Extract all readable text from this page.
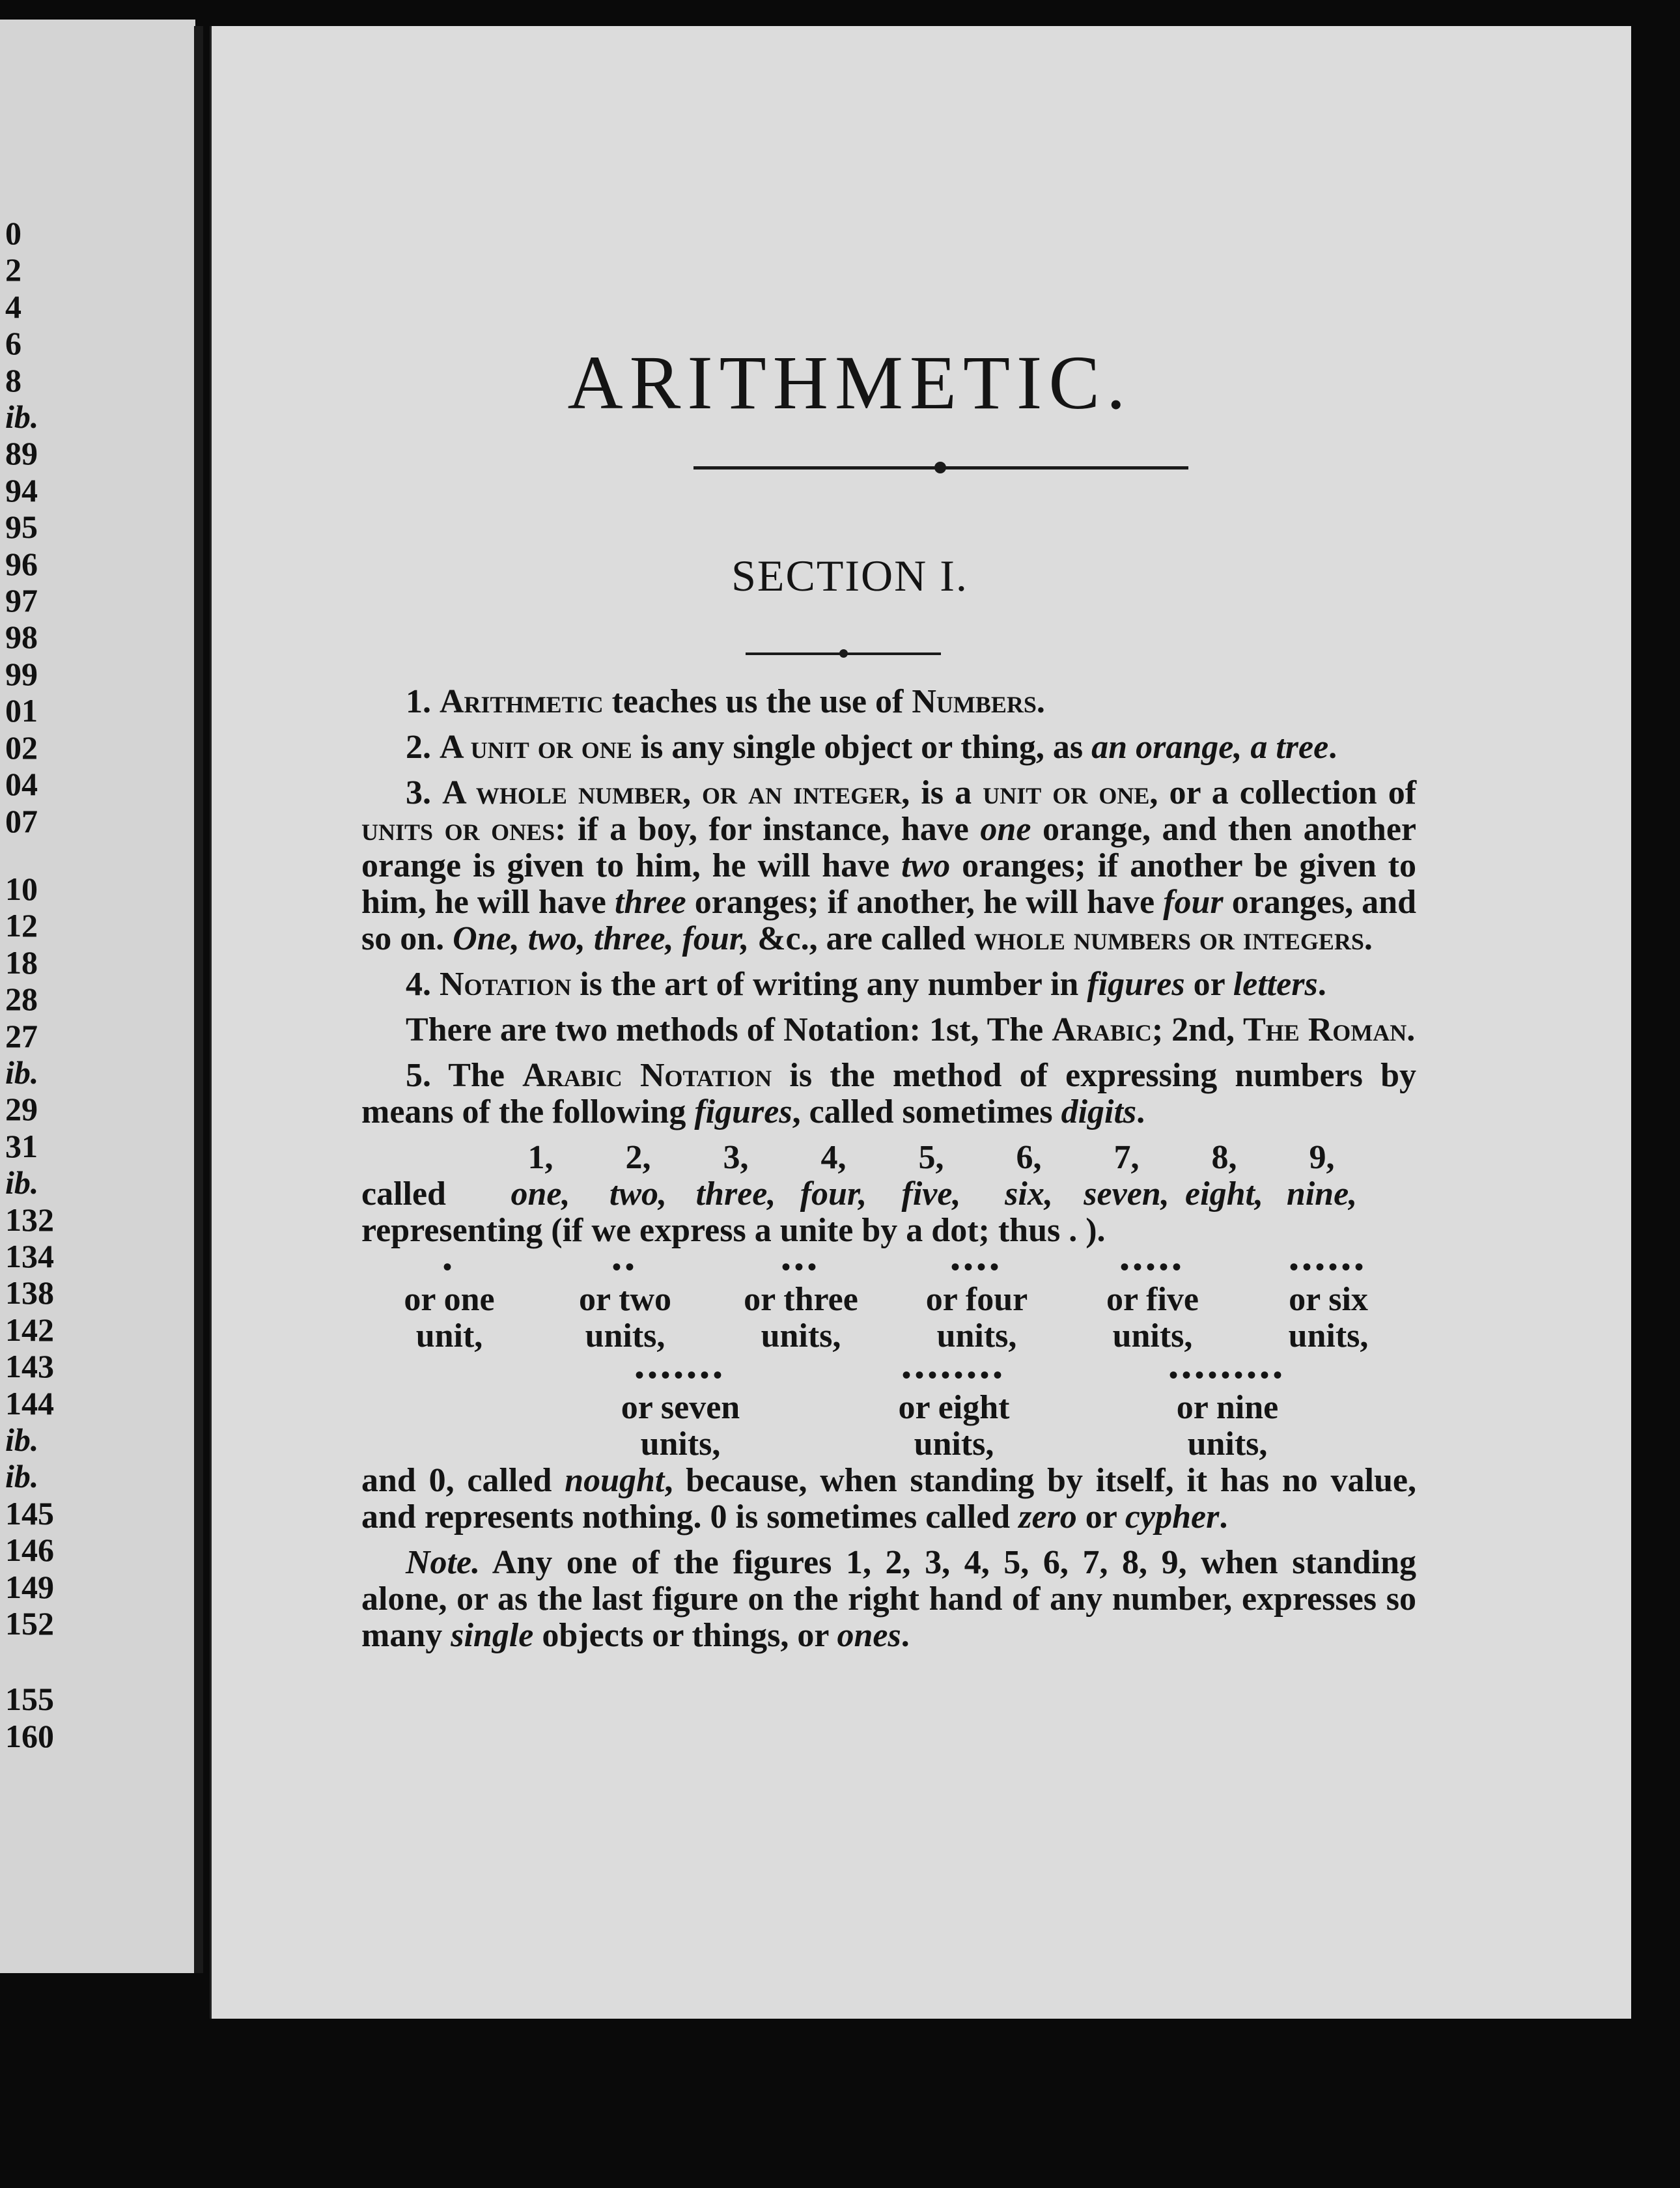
0
2
4
6
8
ib.
89
94
95
96
97
98
99
01
02
04
07
10
12
18
28
27
ib.
29
31
ib.
132
134
138
142
143
144
ib.
ib.
145
146
149
152
155
160
ARITHMETIC.
SECTION I.

1. Arithmetic teaches us the use of Numbers.

2. A unit or one is any single object or thing, as an orange, a tree.

3. A whole number, or an integer, is a unit or one, or a collection of units or ones: if a boy, for instance, have one orange, and then another orange is given to him, he will have two oranges; if another be given to him, he will have three oranges; if another, he will have four oranges, and so on. One, two, three, four, &c., are called whole numbers or integers.

4. Notation is the art of writing any number in figures or letters.

There are two methods of Notation: 1st, The Arabic; 2nd, The Roman.

5. The Arabic Notation is the method of expressing numbers by means of the following figures, called sometimes digits.

1,	2,	3,	4,	5,	6,	7,	8,	9,
called	one,	two, three, four,	five,	six, seven, eight, nine,
representing (if we express a unite by a dot; thus . ).
•
or one
unit,
••
or two
units,
•••
or three
units,
••••
or four
units,
•••••
or five
units,
••••••
or six
units,
•••••••
or seven
units,
••••••••
or eight
units,
•••••••••
or nine
units,

and 0, called nought, because, when standing by itself, it has no value, and represents nothing. 0 is sometimes called zero or cypher.

Note. Any one of the figures 1, 2, 3, 4, 5, 6, 7, 8, 9, when standing alone, or as the last figure on the right hand of any number, expresses so many single objects or things, or ones.
